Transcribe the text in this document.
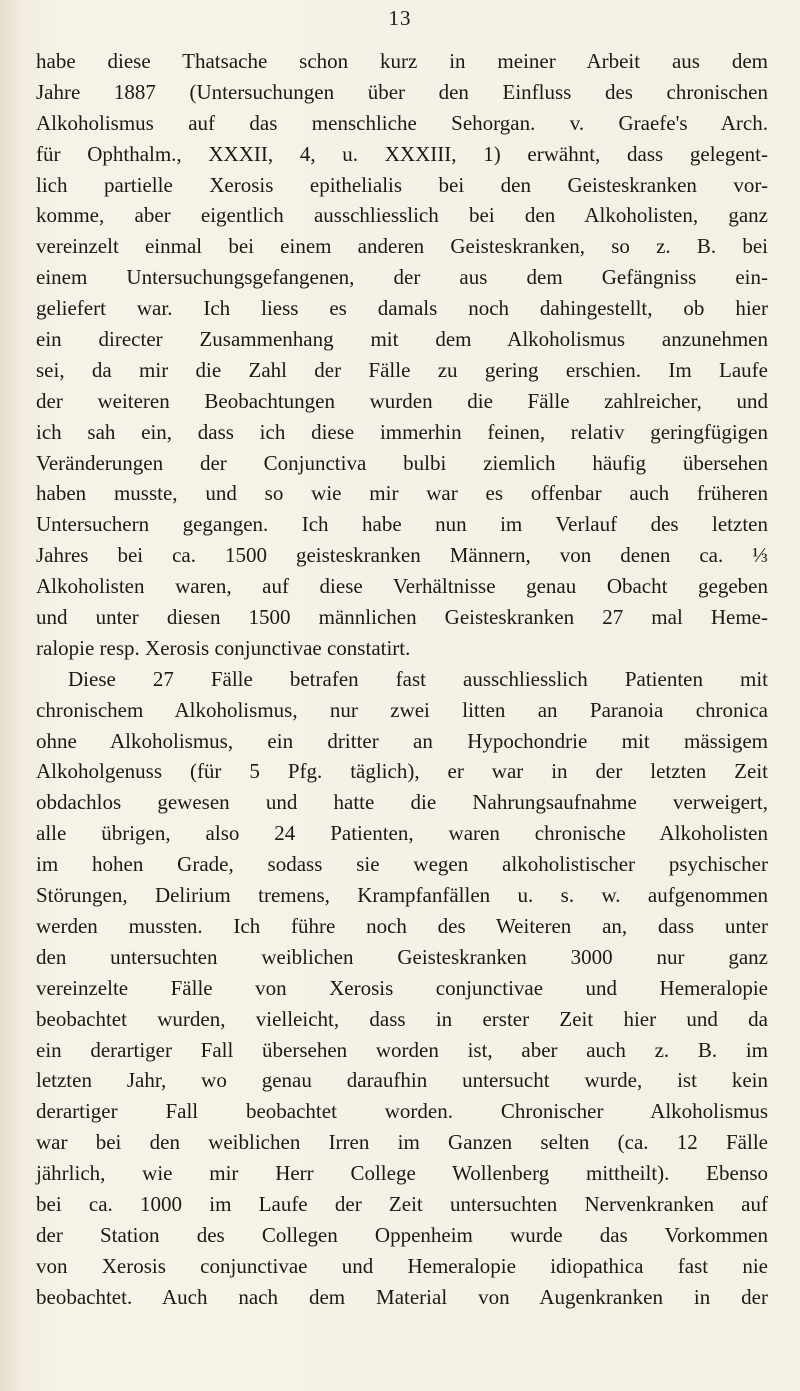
13
habe diese Thatsache schon kurz in meiner Arbeit aus dem
Jahre 1887 (Untersuchungen über den Einfluss des chronischen
Alkoholismus auf das menschliche Sehorgan. v. Graefe's Arch.
für Ophthalm., XXXII, 4, u. XXXIII, 1) erwähnt, dass gelegent-
lich partielle Xerosis epithelialis bei den Geisteskranken vor-
komme, aber eigentlich ausschliesslich bei den Alkoholisten, ganz
vereinzelt einmal bei einem anderen Geisteskranken, so z. B. bei
einem Untersuchungsgefangenen, der aus dem Gefängniss ein-
geliefert war. Ich liess es damals noch dahingestellt, ob hier
ein directer Zusammenhang mit dem Alkoholismus anzunehmen
sei, da mir die Zahl der Fälle zu gering erschien. Im Laufe
der weiteren Beobachtungen wurden die Fälle zahlreicher, und
ich sah ein, dass ich diese immerhin feinen, relativ geringfügigen
Veränderungen der Conjunctiva bulbi ziemlich häufig übersehen
haben musste, und so wie mir war es offenbar auch früheren
Untersuchern gegangen. Ich habe nun im Verlauf des letzten
Jahres bei ca. 1500 geisteskranken Männern, von denen ca. ⅓
Alkoholisten waren, auf diese Verhältnisse genau Obacht gegeben
und unter diesen 1500 männlichen Geisteskranken 27 mal Heme-
ralopie resp. Xerosis conjunctivae constatirt.
Diese 27 Fälle betrafen fast ausschliesslich Patienten mit
chronischem Alkoholismus, nur zwei litten an Paranoia chronica
ohne Alkoholismus, ein dritter an Hypochondrie mit mässigem
Alkoholgenuss (für 5 Pfg. täglich), er war in der letzten Zeit
obdachlos gewesen und hatte die Nahrungsaufnahme verweigert,
alle übrigen, also 24 Patienten, waren chronische Alkoholisten
im hohen Grade, sodass sie wegen alkoholistischer psychischer
Störungen, Delirium tremens, Krampfanfällen u. s. w. aufgenommen
werden mussten. Ich führe noch des Weiteren an, dass unter
den untersuchten weiblichen Geisteskranken 3000 nur ganz
vereinzelte Fälle von Xerosis conjunctivae und Hemeralopie
beobachtet wurden, vielleicht, dass in erster Zeit hier und da
ein derartiger Fall übersehen worden ist, aber auch z. B. im
letzten Jahr, wo genau daraufhin untersucht wurde, ist kein
derartiger Fall beobachtet worden. Chronischer Alkoholismus
war bei den weiblichen Irren im Ganzen selten (ca. 12 Fälle
jährlich, wie mir Herr College Wollenberg mittheilt). Ebenso
bei ca. 1000 im Laufe der Zeit untersuchten Nervenkranken auf
der Station des Collegen Oppenheim wurde das Vorkommen
von Xerosis conjunctivae und Hemeralopie idiopathica fast nie
beobachtet. Auch nach dem Material von Augenkranken in der
